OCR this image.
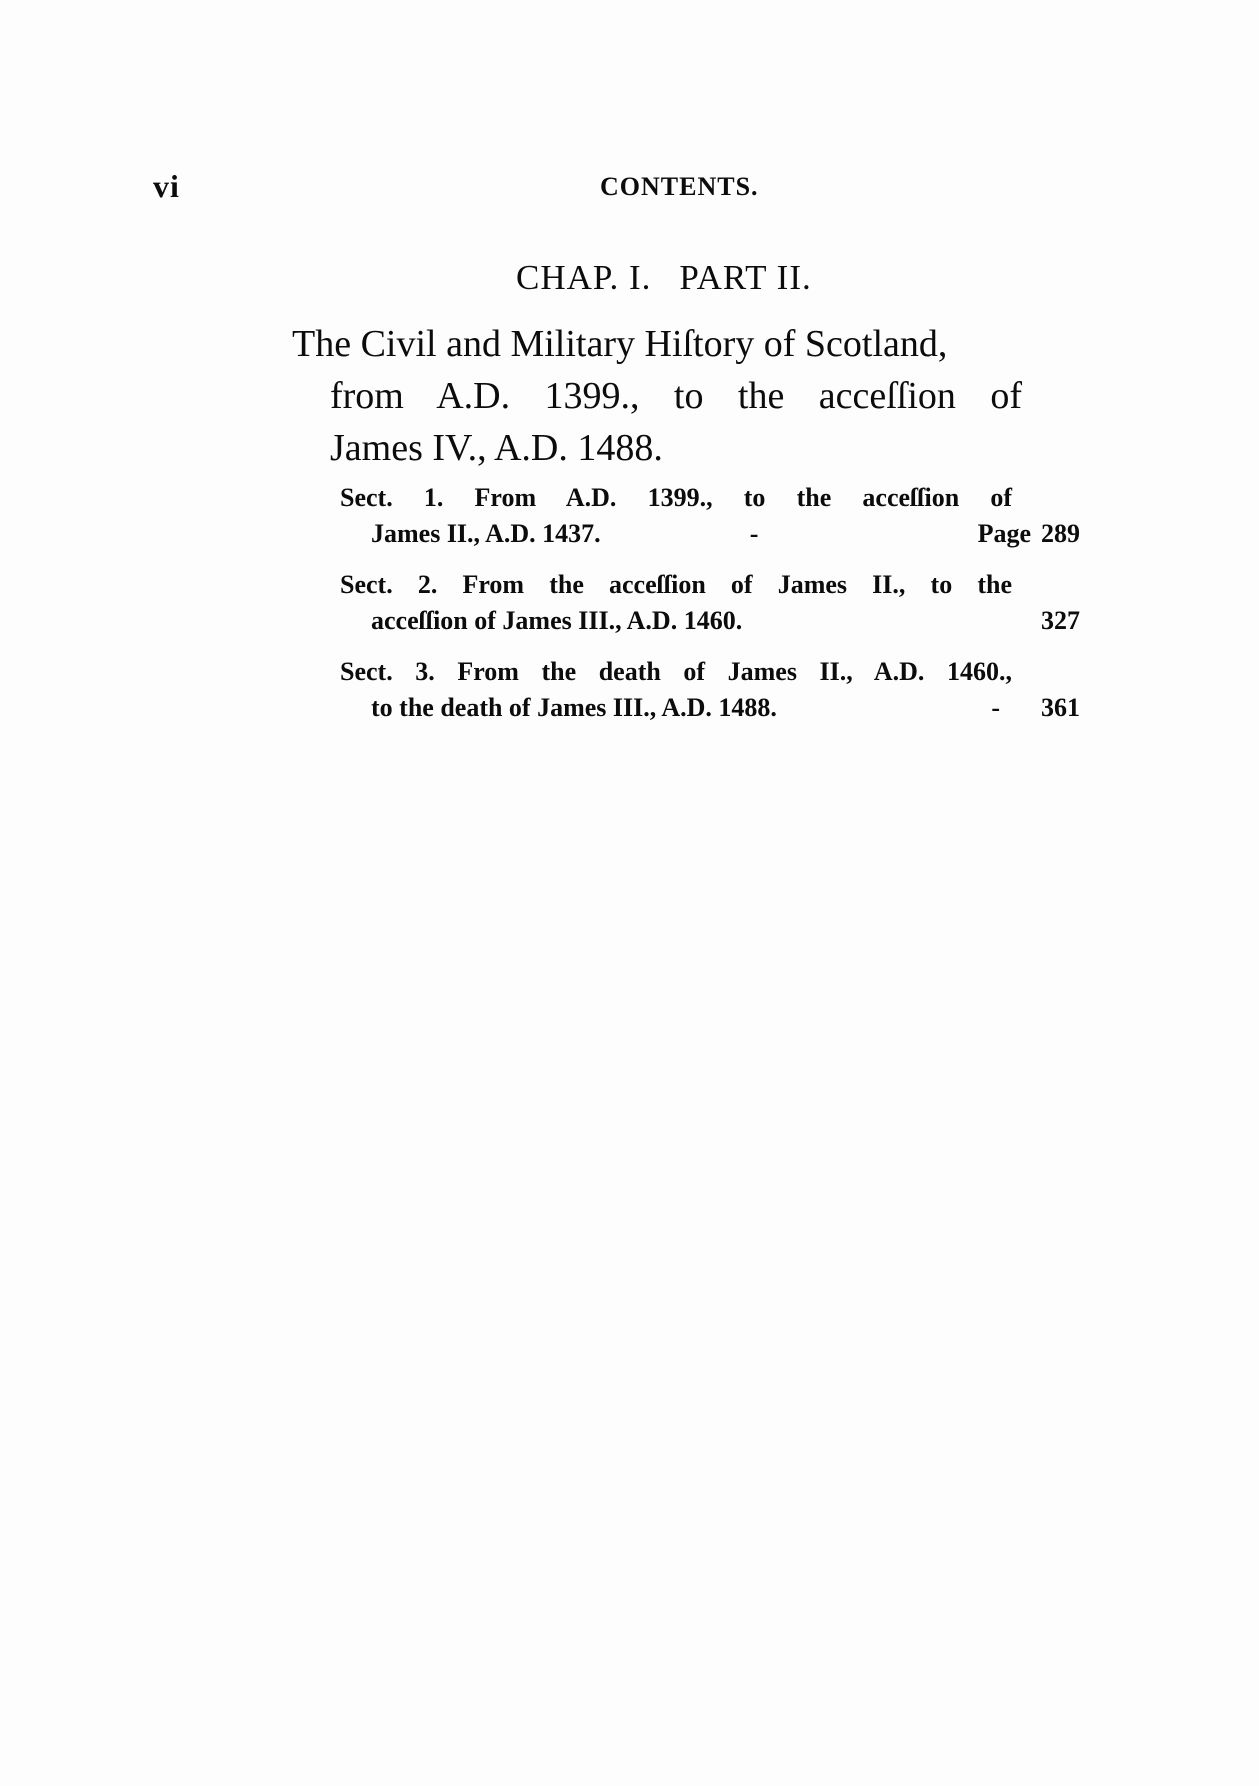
vi	CONTENTS.
CHAP. I. PART II.
The Civil and Military Hiſtory of Scotland,
from A.D. 1399., to the acceſſion of
James IV., A.D. 1488.
Sect. 1. From A.D. 1399., to the acceſſion of
James II., A.D. 1437.	-	Page 289
Sect. 2. From the acceſſion of James II., to the
acceſſion of James III., A.D. 1460.	327
Sect. 3. From the death of James II., A.D. 1460.,
to the death of James III., A.D. 1488.	- 361
